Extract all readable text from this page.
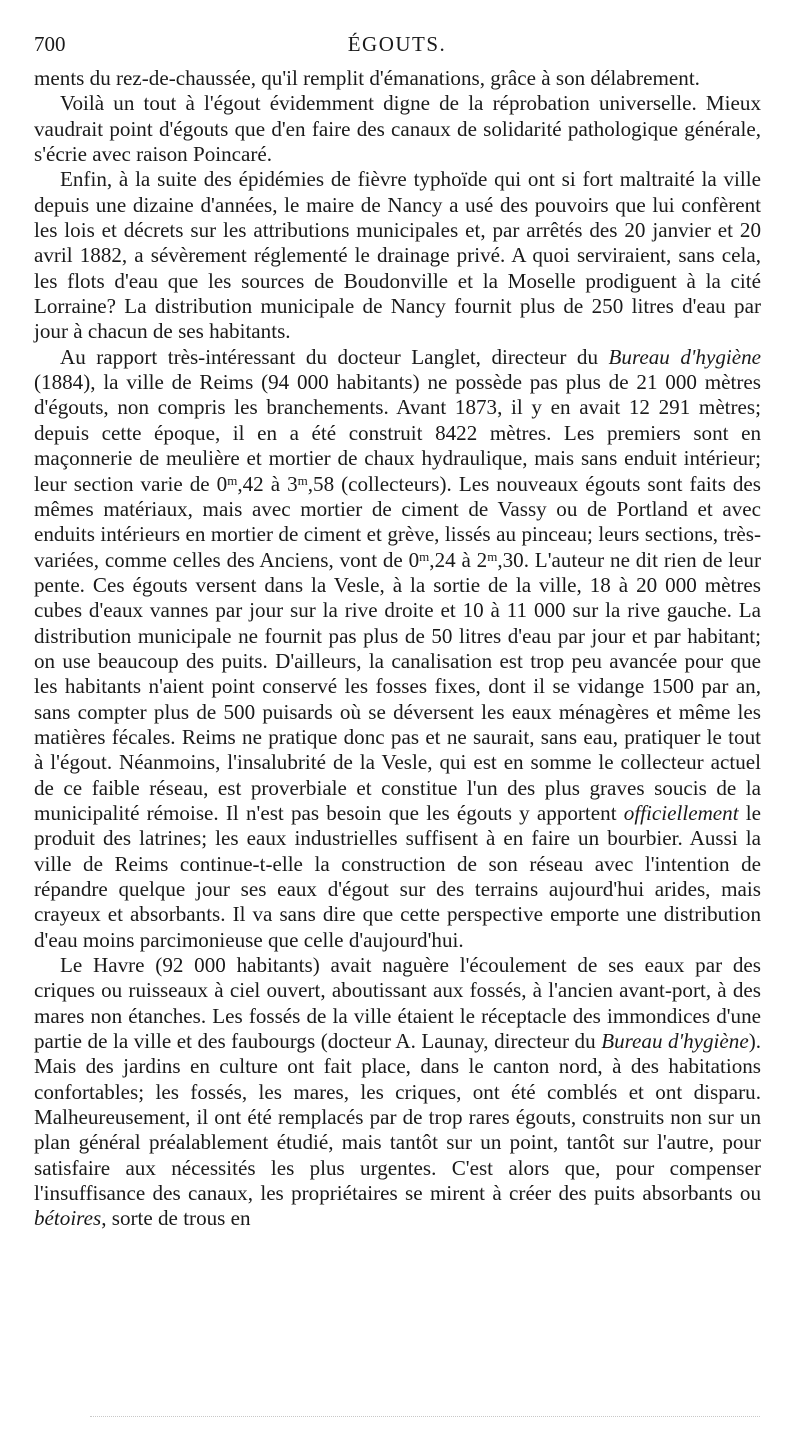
700	ÉGOUTS.

ments du rez-de-chaussée, qu'il remplit d'émanations, grâce à son délabrement.

Voilà un tout à l'égout évidemment digne de la réprobation universelle. Mieux vaudrait point d'égouts que d'en faire des canaux de solidarité pathologique générale, s'écrie avec raison Poincaré.

Enfin, à la suite des épidémies de fièvre typhoïde qui ont si fort maltraité la ville depuis une dizaine d'années, le maire de Nancy a usé des pouvoirs que lui confèrent les lois et décrets sur les attributions municipales et, par arrêtés des 20 janvier et 20 avril 1882, a sévèrement réglementé le drainage privé. A quoi serviraient, sans cela, les flots d'eau que les sources de Boudonville et la Moselle prodiguent à la cité Lorraine? La distribution municipale de Nancy fournit plus de 250 litres d'eau par jour à chacun de ses habitants.

Au rapport très-intéressant du docteur Langlet, directeur du Bureau d'hygiène (1884), la ville de Reims (94 000 habitants) ne possède pas plus de 21 000 mètres d'égouts, non compris les branchements. Avant 1873, il y en avait 12 291 mètres; depuis cette époque, il en a été construit 8422 mètres. Les premiers sont en maçonnerie de meulière et mortier de chaux hydraulique, mais sans enduit intérieur; leur section varie de 0$^m$,42 à 3$^m$,58 (collecteurs). Les nouveaux égouts sont faits des mêmes matériaux, mais avec mortier de ciment de Vassy ou de Portland et avec enduits intérieurs en mortier de ciment et grève, lissés au pinceau; leurs sections, très-variées, comme celles des Anciens, vont de 0$^m$,24 à 2$^m$,30. L'auteur ne dit rien de leur pente. Ces égouts versent dans la Vesle, à la sortie de la ville, 18 à 20 000 mètres cubes d'eaux vannes par jour sur la rive droite et 10 à 11 000 sur la rive gauche. La distribution municipale ne fournit pas plus de 50 litres d'eau par jour et par habitant; on use beaucoup des puits. D'ailleurs, la canalisation est trop peu avancée pour que les habitants n'aient point conservé les fosses fixes, dont il se vidange 1500 par an, sans compter plus de 500 puisards où se déversent les eaux ménagères et même les matières fécales. Reims ne pratique donc pas et ne saurait, sans eau, pratiquer le tout à l'égout. Néanmoins, l'insalubrité de la Vesle, qui est en somme le collecteur actuel de ce faible réseau, est proverbiale et constitue l'un des plus graves soucis de la municipalité rémoise. Il n'est pas besoin que les égouts y apportent officiellement le produit des latrines; les eaux industrielles suffisent à en faire un bourbier. Aussi la ville de Reims continue-t-elle la construction de son réseau avec l'intention de répandre quelque jour ses eaux d'égout sur des terrains aujourd'hui arides, mais crayeux et absorbants. Il va sans dire que cette perspective emporte une distribution d'eau moins parcimonieuse que celle d'aujourd'hui.

Le Havre (92 000 habitants) avait naguère l'écoulement de ses eaux par des criques ou ruisseaux à ciel ouvert, aboutissant aux fossés, à l'ancien avant-port, à des mares non étanches. Les fossés de la ville étaient le réceptacle des immondices d'une partie de la ville et des faubourgs (docteur A. Launay, directeur du Bureau d'hygiène). Mais des jardins en culture ont fait place, dans le canton nord, à des habitations confortables; les fossés, les mares, les criques, ont été comblés et ont disparu. Malheureusement, il ont été remplacés par de trop rares égouts, construits non sur un plan général préalablement étudié, mais tantôt sur un point, tantôt sur l'autre, pour satisfaire aux nécessités les plus urgentes. C'est alors que, pour compenser l'insuffisance des canaux, les propriétaires se mirent à créer des puits absorbants ou bétoires, sorte de trous en
